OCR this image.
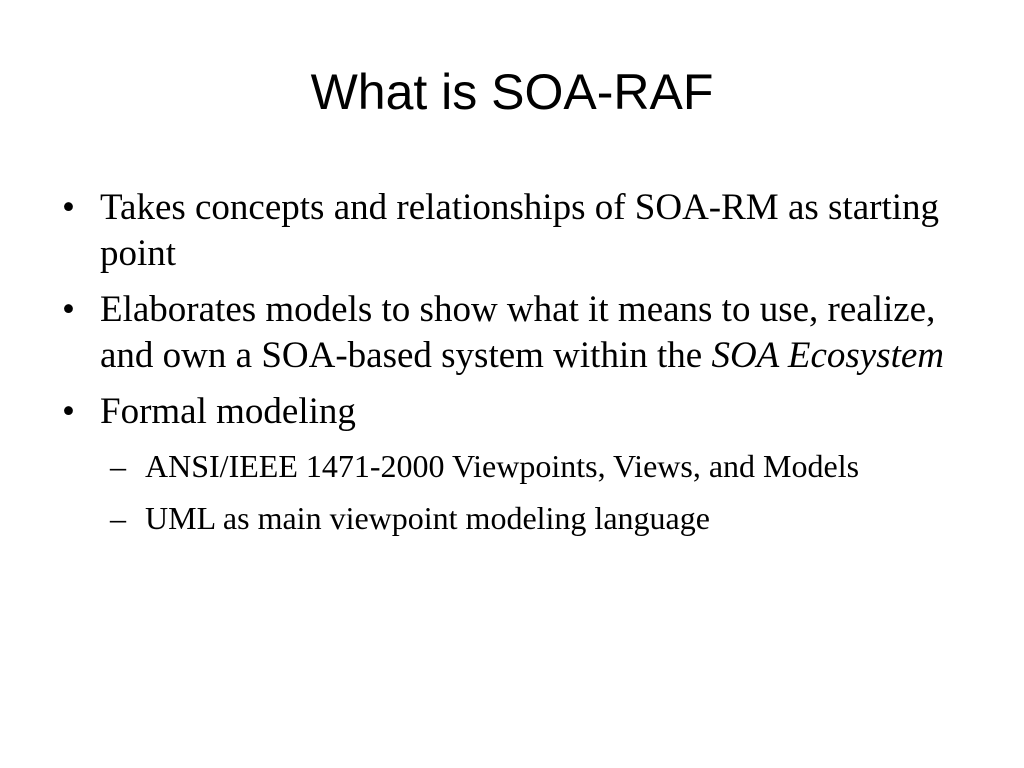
What is SOA-RAF
• Takes concepts and relationships of SOA-RM as starting point
• Elaborates models to show what it means to use, realize, and own a SOA-based system within the SOA Ecosystem
• Formal modeling
– ANSI/IEEE 1471-2000 Viewpoints, Views, and Models
– UML as main viewpoint modeling language
